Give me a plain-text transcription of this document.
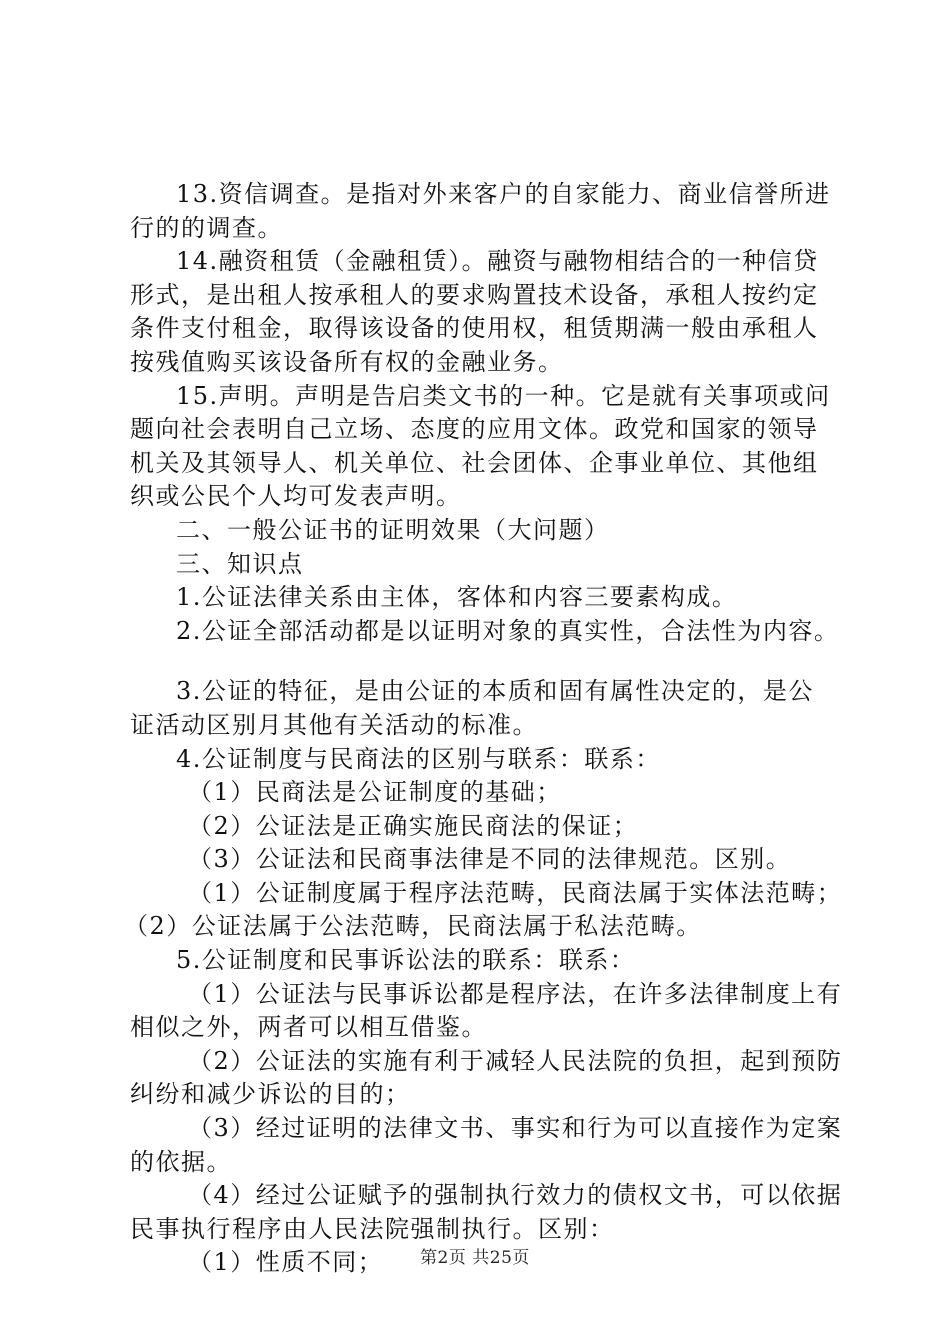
13.资信调查。是指对外来客户的自家能力、商业信誉所进
行的的调查。
14.融资租赁（金融租赁）。融资与融物相结合的一种信贷
形式，是出租人按承租人的要求购置技术设备，承租人按约定
条件支付租金，取得该设备的使用权，租赁期满一般由承租人
按残值购买该设备所有权的金融业务。
15.声明。声明是告启类文书的一种。它是就有关事项或问
题向社会表明自己立场、态度的应用文体。政党和国家的领导
机关及其领导人、机关单位、社会团体、企事业单位、其他组
织或公民个人均可发表声明。
二、一般公证书的证明效果（大问题）
三、知识点
1.公证法律关系由主体，客体和内容三要素构成。
2.公证全部活动都是以证明对象的真实性，合法性为内容。
3.公证的特征，是由公证的本质和固有属性决定的，是公
证活动区别月其他有关活动的标准。
4.公证制度与民商法的区别与联系：联系：
（1）民商法是公证制度的基础；
（2）公证法是正确实施民商法的保证；
（3）公证法和民商事法律是不同的法律规范。区别。
（1）公证制度属于程序法范畴，民商法属于实体法范畴；
（2）公证法属于公法范畴，民商法属于私法范畴。
5.公证制度和民事诉讼法的联系：联系：
（1）公证法与民事诉讼都是程序法，在许多法律制度上有
相似之外，两者可以相互借鉴。
（2）公证法的实施有利于减轻人民法院的负担，起到预防
纠纷和减少诉讼的目的；
（3）经过证明的法律文书、事实和行为可以直接作为定案
的依据。
（4）经过公证赋予的强制执行效力的债权文书，可以依据
民事执行程序由人民法院强制执行。区别：
（1）性质不同；	第2页 共25页
